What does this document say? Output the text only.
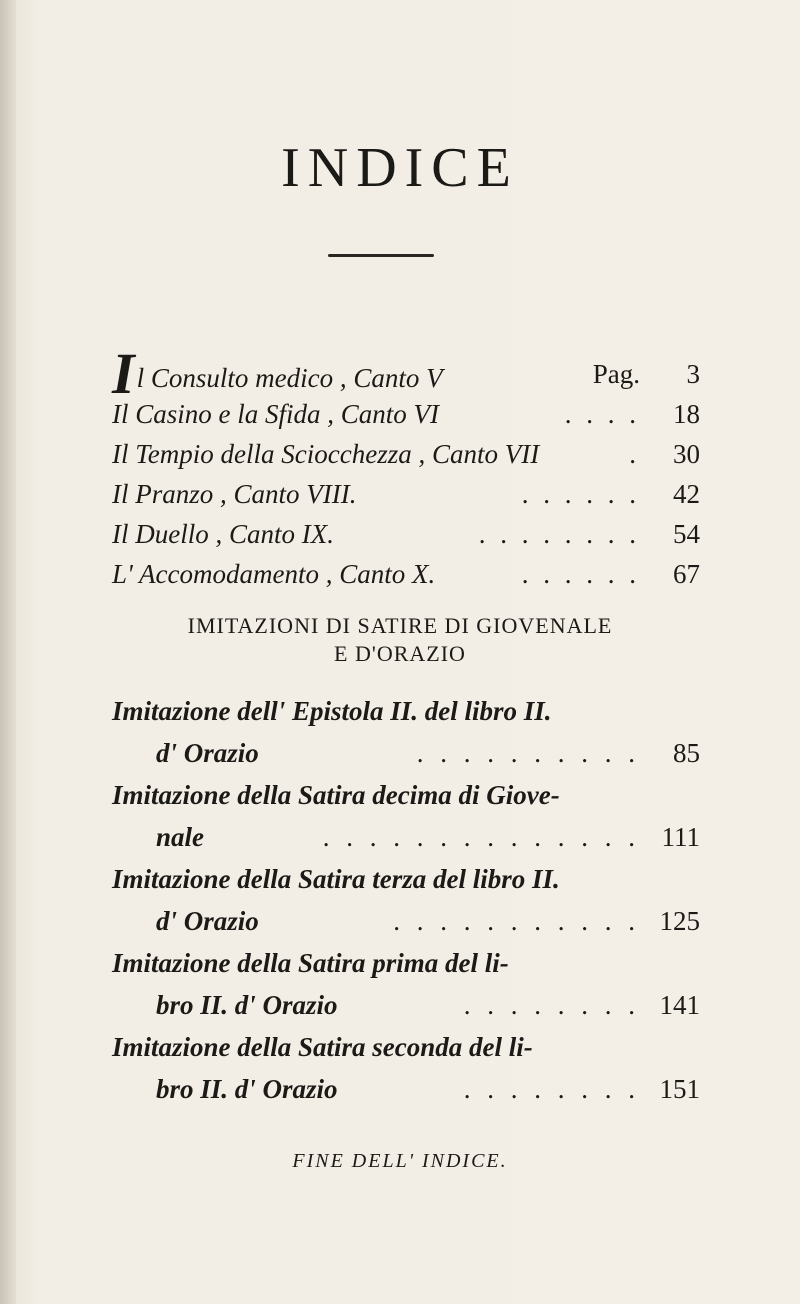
INDICE
Il Consulto medico , Canto V	Pag.	3
Il Casino e la Sfida , Canto VI	. . . .	18
Il Tempio della Sciocchezza , Canto VII	.	30
Il Pranzo , Canto VIII.	. . . . . .	42
Il Duello , Canto IX.	. . . . . . . .	54
L' Accomodamento , Canto X.	. . . . . .	67
IMITAZIONI DI SATIRE DI GIOVENALE
E D'ORAZIO
Imitazione dell' Epistola II. del libro II.
d' Orazio	. . . . . . . . . .	85
Imitazione della Satira decima di Giove-
nale	. . . . . . . . . . . . . . 111
Imitazione della Satira terza del libro II.
d' Orazio	. . . . . . . . . . . 125
Imitazione della Satira prima del li-
bro II. d' Orazio	. . . . . . . . 141
Imitazione della Satira seconda del li-
bro II. d' Orazio	. . . . . . . . 151
FINE DELL' INDICE.
